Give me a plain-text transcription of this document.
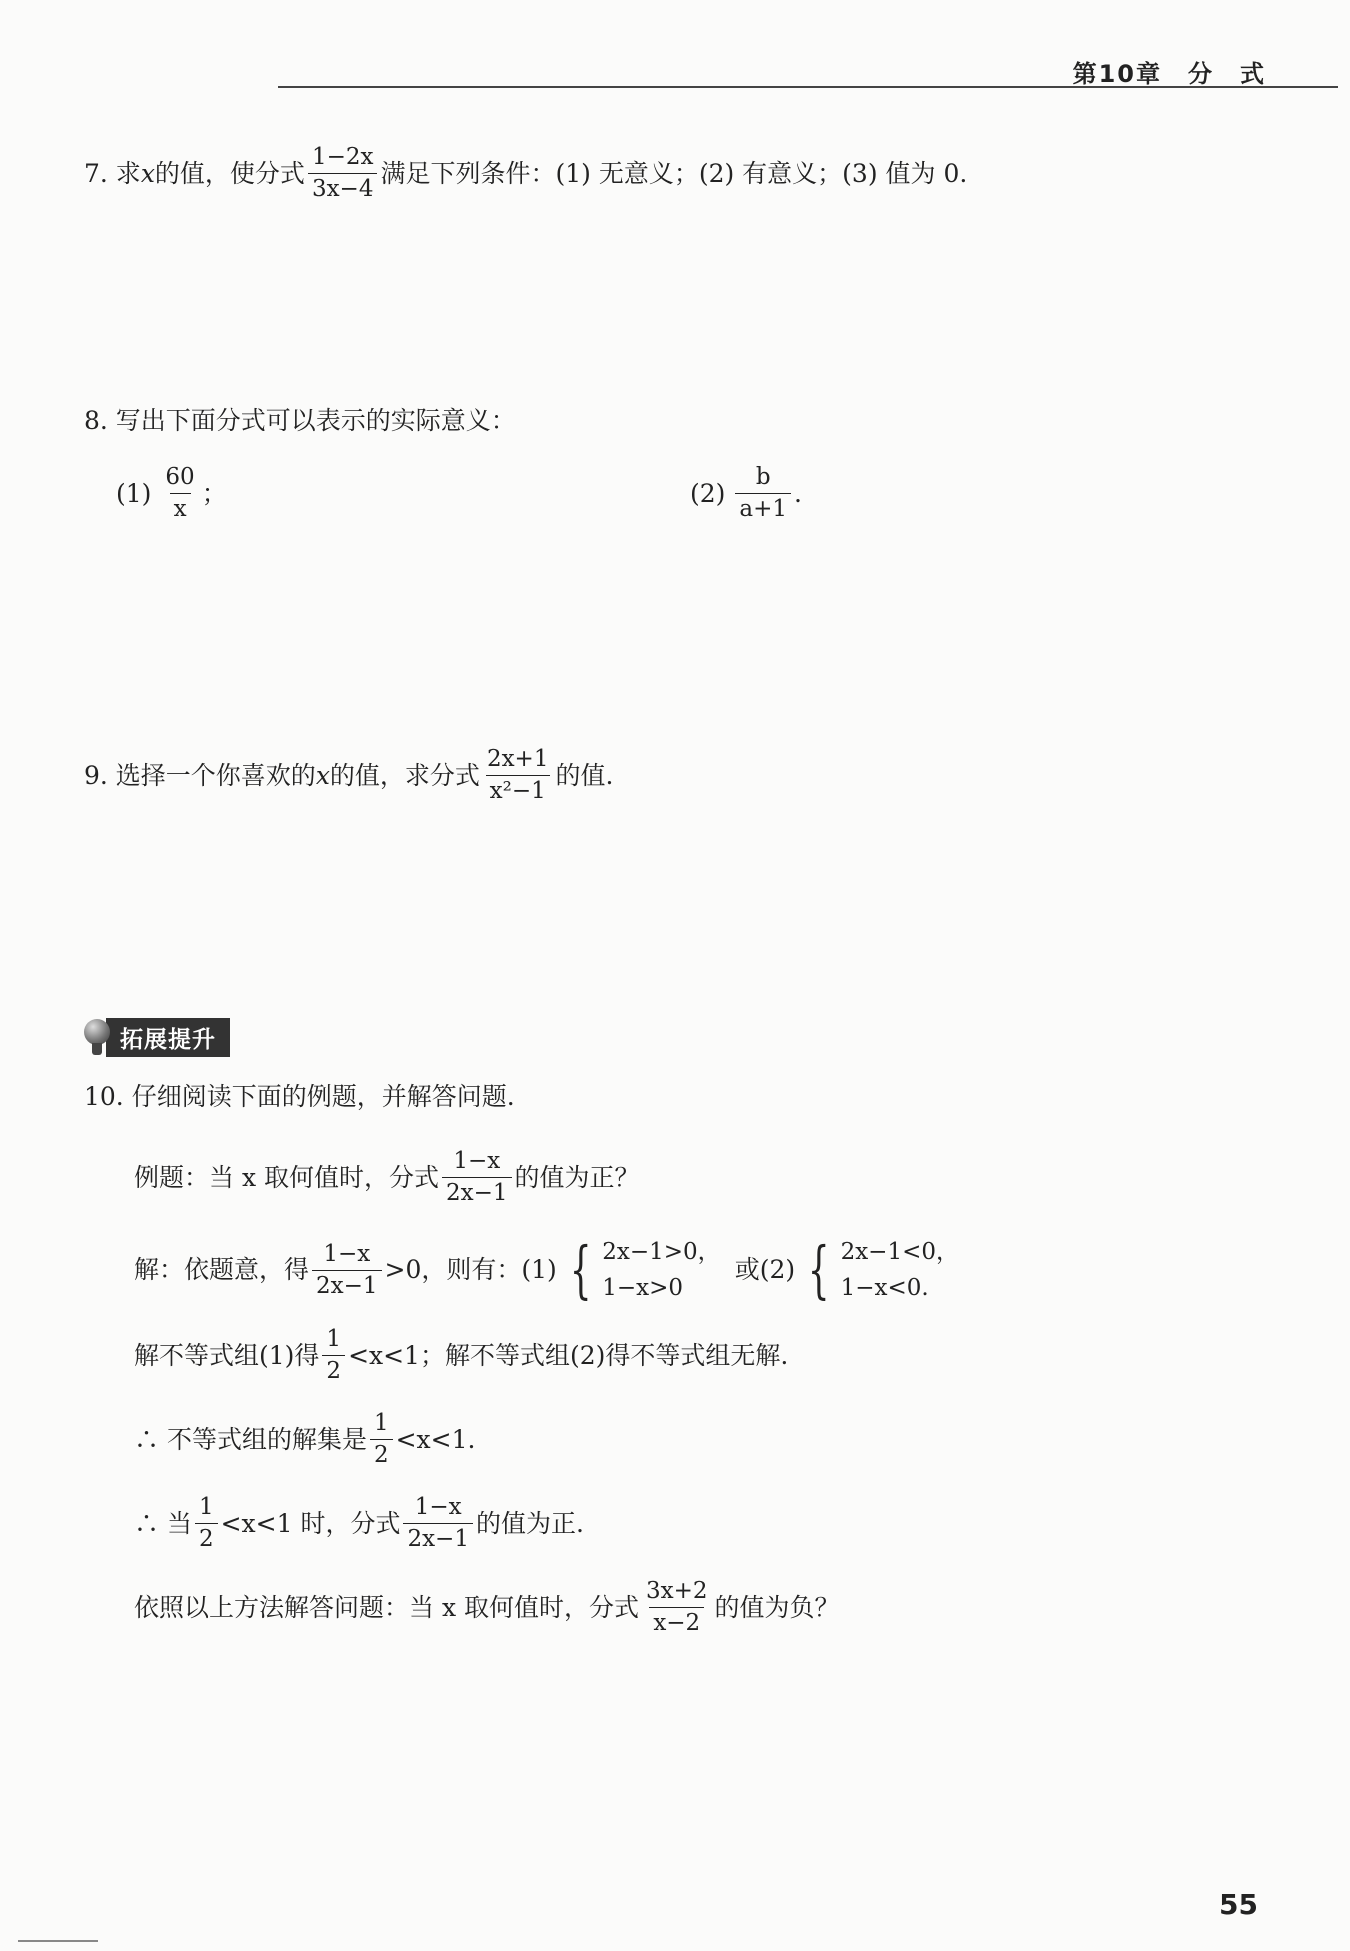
第10章　分　式
7. 求 x 的值，使分式 $\frac{1-2x}{3x-4}$ 满足下列条件：(1) 无意义；(2) 有意义；(3) 值为 0.
8. 写出下面分式可以表示的实际意义：
$(1) \frac{60}{x}$ ；	$(2) \frac{b}{a+1}$ .
9. 选择一个你喜欢的 x 的值，求分式 $\frac{2x+1}{\text{x²−1}}$ 的值.
拓展提升
10. 仔细阅读下面的例题，并解答问题.
例题：当 x 取何值时，分式 $\frac{1-x}{2x-1}$ 的值为正？
解：依题意，得 $\frac{1-x}{2x-1} >0$，则有：(1) { 2x−1>0，
1−x>0
或(2) { 2x−1<0，
1−x<0.
解不等式组(1)得 $\frac{1}{2} <x<1$；解不等式组(2)得不等式组无解.
∴ 不等式组的解集是 $\frac{1}{2} <x<1$.
∴ 当 $\frac{1}{2} <x<1$ 时，分式 $\frac{1-x}{2x-1}$ 的值为正.
依照以上方法解答问题：当 x 取何值时，分式 $\frac{3x+2}{x-2}$ 的值为负？
55
